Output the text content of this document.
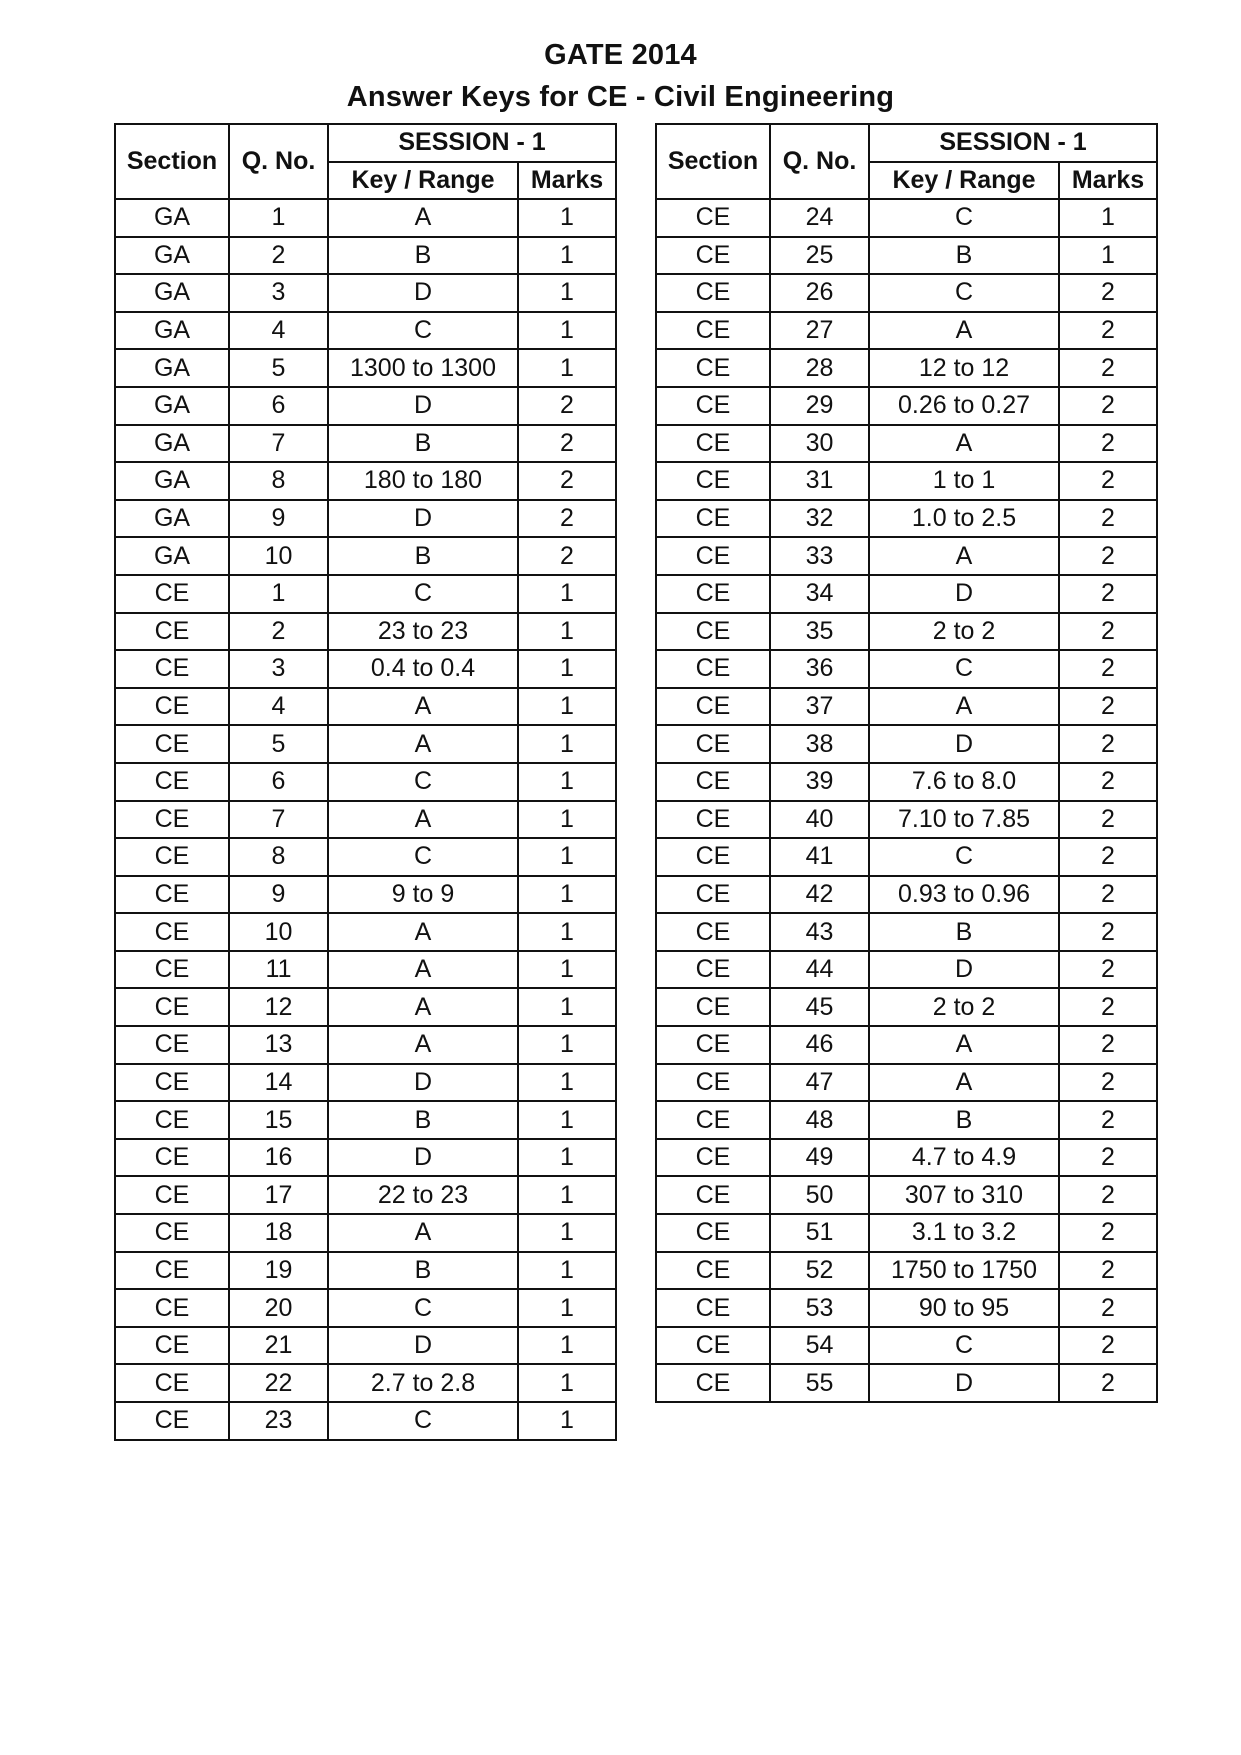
GATE 2014
Answer Keys for CE - Civil Engineering
Section	Q. No.	SESSION - 1	
		Key / Range	Marks
GA	1	A	1
GA	2	B	1
GA	3	D	1
GA	4	C	1
GA	5	1300 to 1300	1
GA	6	D	2
GA	7	B	2
GA	8	180 to 180	2
GA	9	D	2
GA	10	B	2
CE	1	C	1
CE	2	23 to 23	1
CE	3	0.4 to 0.4	1
CE	4	A	1
CE	5	A	1
CE	6	C	1
CE	7	A	1
CE	8	C	1
CE	9	9 to 9	1
CE	10	A	1
CE	11	A	1
CE	12	A	1
CE	13	A	1
CE	14	D	1
CE	15	B	1
CE	16	D	1
CE	17	22 to 23	1
CE	18	A	1
CE	19	B	1
CE	20	C	1
CE	21	D	1
CE	22	2.7 to 2.8	1
CE	23	C	1
Section	Q. No.	SESSION - 1	
		Key / Range	Marks
CE	24	C	1
CE	25	B	1
CE	26	C	2
CE	27	A	2
CE	28	12 to 12	2
CE	29	0.26 to 0.27	2
CE	30	A	2
CE	31	1 to 1	2
CE	32	1.0 to 2.5	2
CE	33	A	2
CE	34	D	2
CE	35	2 to 2	2
CE	36	C	2
CE	37	A	2
CE	38	D	2
CE	39	7.6 to 8.0	2
CE	40	7.10 to 7.85	2
CE	41	C	2
CE	42	0.93 to 0.96	2
CE	43	B	2
CE	44	D	2
CE	45	2 to 2	2
CE	46	A	2
CE	47	A	2
CE	48	B	2
CE	49	4.7 to 4.9	2
CE	50	307 to 310	2
CE	51	3.1 to 3.2	2
CE	52	1750 to 1750	2
CE	53	90 to 95	2
CE	54	C	2
CE	55	D	2
